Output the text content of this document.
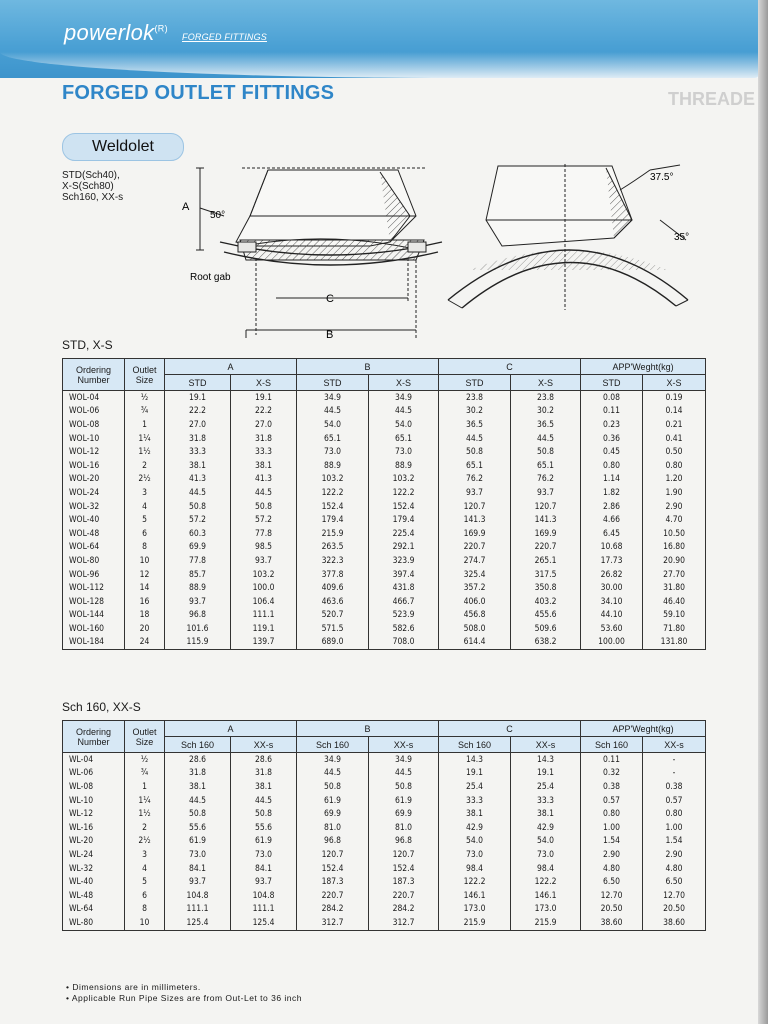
powerlok$^{(R)}$
FORGED FITTINGS
THREADE
FORGED OUTLET FITTINGS
Weldolet
STD(Sch40),
X-S(Sch80)
Sch160, XX-s
A
50°
Root gab
C
B
37.5°
35°
STD, X-S
Ordering Number	Outlet Size	A		B		C		APP'Weght(kg)	
		STD	X-S	STD	X-S	STD	X-S	STD	X-S
WOL-04	½	19.1	19.1	34.9	34.9	23.8	23.8	0.08	0.19
WOL-06	¾	22.2	22.2	44.5	44.5	30.2	30.2	0.11	0.14
WOL-08	1	27.0	27.0	54.0	54.0	36.5	36.5	0.23	0.21
WOL-10	1¼	31.8	31.8	65.1	65.1	44.5	44.5	0.36	0.41
WOL-12	1½	33.3	33.3	73.0	73.0	50.8	50.8	0.45	0.50
WOL-16	2	38.1	38.1	88.9	88.9	65.1	65.1	0.80	0.80
WOL-20	2½	41.3	41.3	103.2	103.2	76.2	76.2	1.14	1.20
WOL-24	3	44.5	44.5	122.2	122.2	93.7	93.7	1.82	1.90
WOL-32	4	50.8	50.8	152.4	152.4	120.7	120.7	2.86	2.90
WOL-40	5	57.2	57.2	179.4	179.4	141.3	141.3	4.66	4.70
WOL-48	6	60.3	77.8	215.9	225.4	169.9	169.9	6.45	10.50
WOL-64	8	69.9	98.5	263.5	292.1	220.7	220.7	10.68	16.80
WOL-80	10	77.8	93.7	322.3	323.9	274.7	265.1	17.73	20.90
WOL-96	12	85.7	103.2	377.8	397.4	325.4	317.5	26.82	27.70
WOL-112	14	88.9	100.0	409.6	431.8	357.2	350.8	30.00	31.80
WOL-128	16	93.7	106.4	463.6	466.7	406.0	403.2	34.10	46.40
WOL-144	18	96.8	111.1	520.7	523.9	456.8	455.6	44.10	59.10
WOL-160	20	101.6	119.1	571.5	582.6	508.0	509.6	53.60	71.80
WOL-184	24	115.9	139.7	689.0	708.0	614.4	638.2	100.00	131.80
Sch 160, XX-S
Ordering Number	Outlet Size	A		B		C		APP'Weght(kg)	
		Sch 160	XX-s	Sch 160	XX-s	Sch 160	XX-s	Sch 160	XX-s
WL-04	½	28.6	28.6	34.9	34.9	14.3	14.3	0.11	-
WL-06	¾	31.8	31.8	44.5	44.5	19.1	19.1	0.32	-
WL-08	1	38.1	38.1	50.8	50.8	25.4	25.4	0.38	0.38
WL-10	1¼	44.5	44.5	61.9	61.9	33.3	33.3	0.57	0.57
WL-12	1½	50.8	50.8	69.9	69.9	38.1	38.1	0.80	0.80
WL-16	2	55.6	55.6	81.0	81.0	42.9	42.9	1.00	1.00
WL-20	2½	61.9	61.9	96.8	96.8	54.0	54.0	1.54	1.54
WL-24	3	73.0	73.0	120.7	120.7	73.0	73.0	2.90	2.90
WL-32	4	84.1	84.1	152.4	152.4	98.4	98.4	4.80	4.80
WL-40	5	93.7	93.7	187.3	187.3	122.2	122.2	6.50	6.50
WL-48	6	104.8	104.8	220.7	220.7	146.1	146.1	12.70	12.70
WL-64	8	111.1	111.1	284.2	284.2	173.0	173.0	20.50	20.50
WL-80	10	125.4	125.4	312.7	312.7	215.9	215.9	38.60	38.60
• Dimensions are in millimeters.
• Applicable Run Pipe Sizes are from Out-Let to 36 inch
